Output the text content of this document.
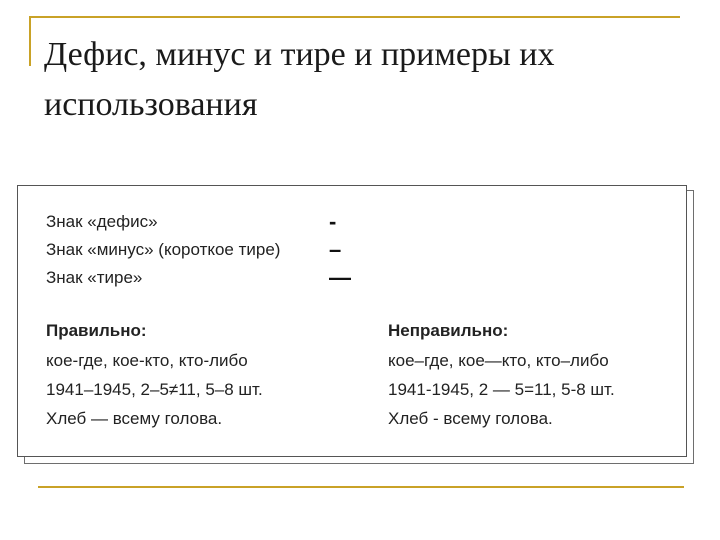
Дефис, минус и тире и примеры их использования
Знак «дефис»	-
Знак «минус» (короткое тире) –
Знак «тире»	—
Правильно:
кое-где, кое-кто, кто-либо
1941–1945, 2–5≠11, 5–8 шт.
Хлеб — всему голова.
Неправильно:
кое–где, кое—кто, кто–либо
1941-1945, 2 — 5=11, 5-8 шт.
Хлеб - всему голова.
